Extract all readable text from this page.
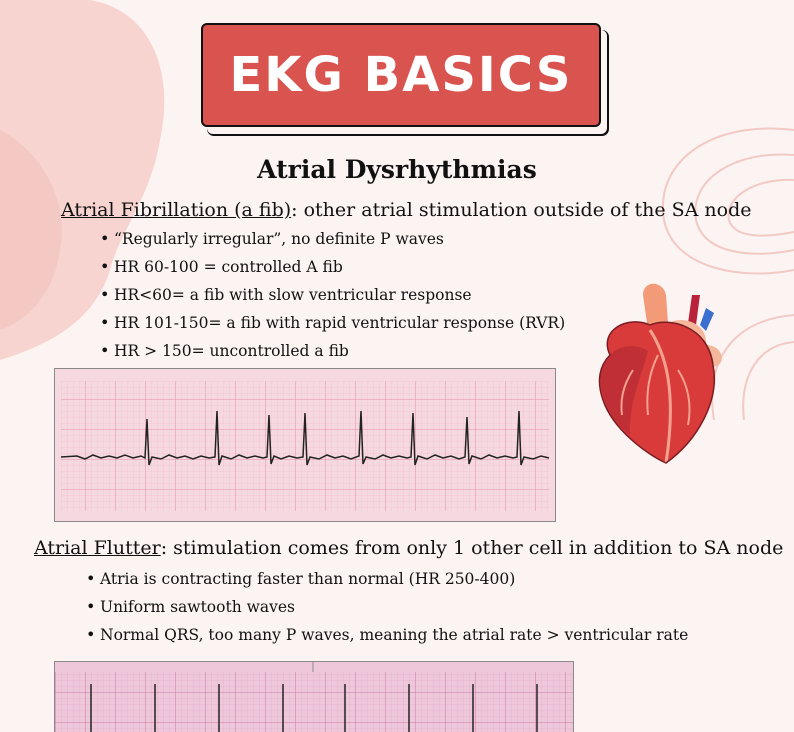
EKG BASICS
Atrial Dysrhythmias
Atrial Fibrillation (a fib): other atrial stimulation outside of the SA node
• “Regularly irregular”, no definite P waves
• HR 60-100 = controlled A fib
• HR<60= a fib with slow ventricular response
• HR 101-150= a fib with rapid ventricular response (RVR)
• HR > 150= uncontrolled a fib
Atrial Flutter: stimulation comes from only 1 other cell in addition to SA node
• Atria is contracting faster than normal (HR 250-400)
• Uniform sawtooth waves
• Normal QRS, too many P waves, meaning the atrial rate > ventricular rate
